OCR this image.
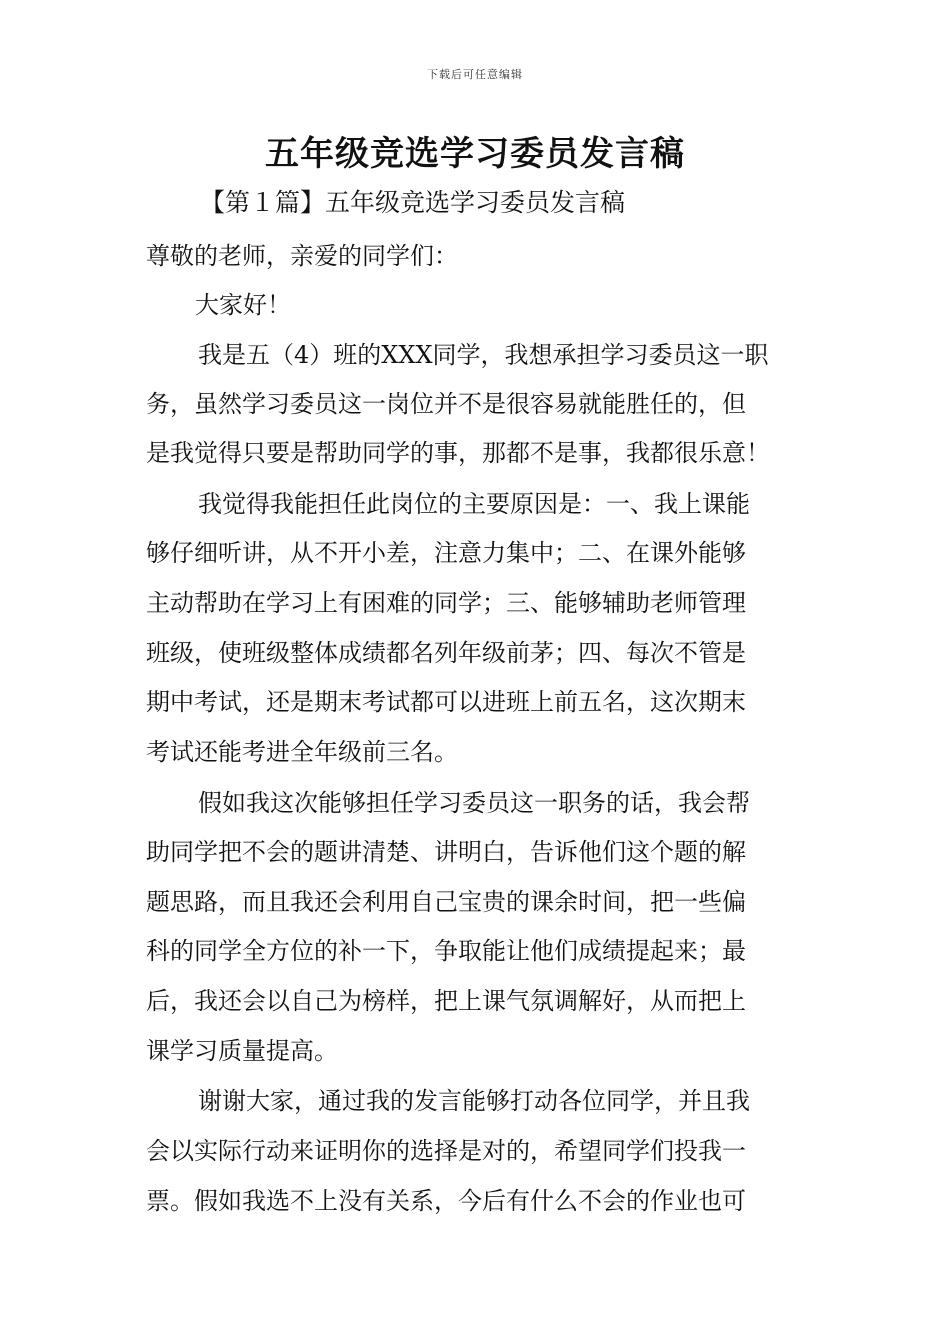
下载后可任意编辑
五年级竞选学习委员发言稿
【第１篇】五年级竞选学习委员发言稿
尊敬的老师，亲爱的同学们：
大家好！
我是五（4）班的XXX同学，我想承担学习委员这一职
务，虽然学习委员这一岗位并不是很容易就能胜任的，但
是我觉得只要是帮助同学的事，那都不是事，我都很乐意！
我觉得我能担任此岗位的主要原因是：一、我上课能
够仔细听讲，从不开小差，注意力集中；二、在课外能够
主动帮助在学习上有困难的同学；三、能够辅助老师管理
班级，使班级整体成绩都名列年级前茅；四、每次不管是
期中考试，还是期末考试都可以进班上前五名，这次期末
考试还能考进全年级前三名。
假如我这次能够担任学习委员这一职务的话，我会帮
助同学把不会的题讲清楚、讲明白，告诉他们这个题的解
题思路，而且我还会利用自己宝贵的课余时间，把一些偏
科的同学全方位的补一下，争取能让他们成绩提起来；最
后，我还会以自己为榜样，把上课气氛调解好，从而把上
课学习质量提高。
谢谢大家，通过我的发言能够打动各位同学，并且我
会以实际行动来证明你的选择是对的，希望同学们投我一
票。假如我选不上没有关系，今后有什么不会的作业也可
